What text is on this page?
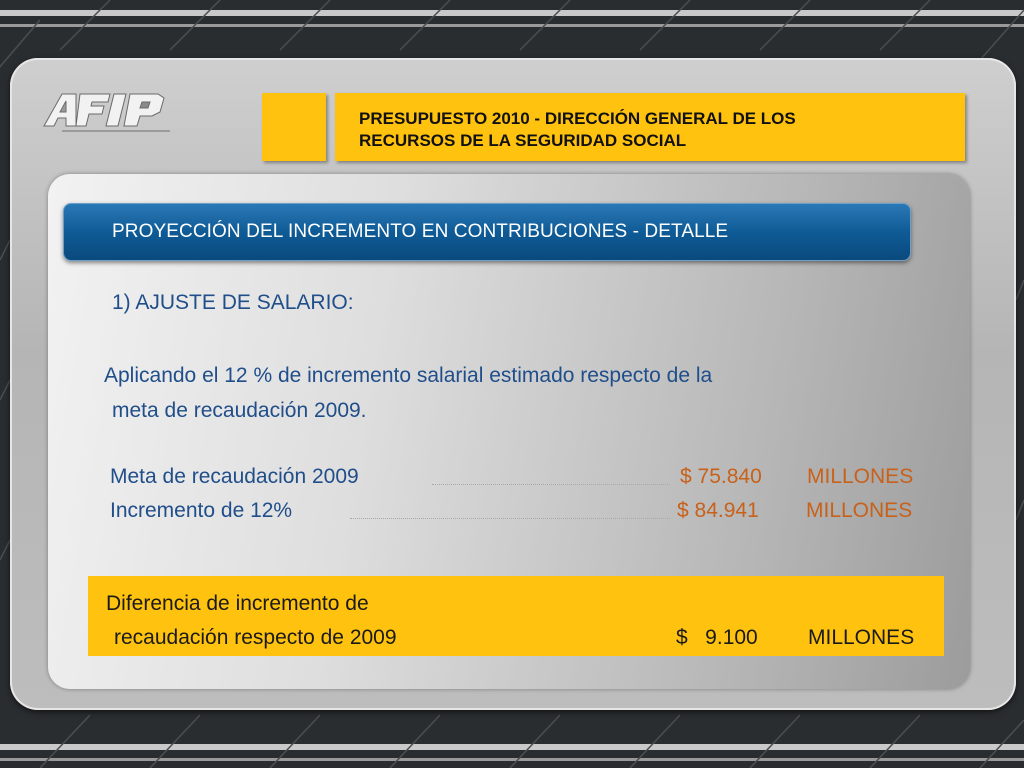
PRESUPUESTO 2010 - DIRECCIÓN GENERAL DE LOS
RECURSOS DE LA SEGURIDAD SOCIAL
PROYECCIÓN DEL INCREMENTO EN CONTRIBUCIONES - DETALLE
1) AJUSTE DE SALARIO:
Aplicando el 12 % de incremento salarial estimado respecto de la
meta de recaudación 2009.
Meta de recaudación 2009	$ 75.840 MILLONES
Incremento de 12%	$ 84.941 MILLONES
Diferencia de incremento de
recaudación respecto de 2009	$   9.100 MILLONES
